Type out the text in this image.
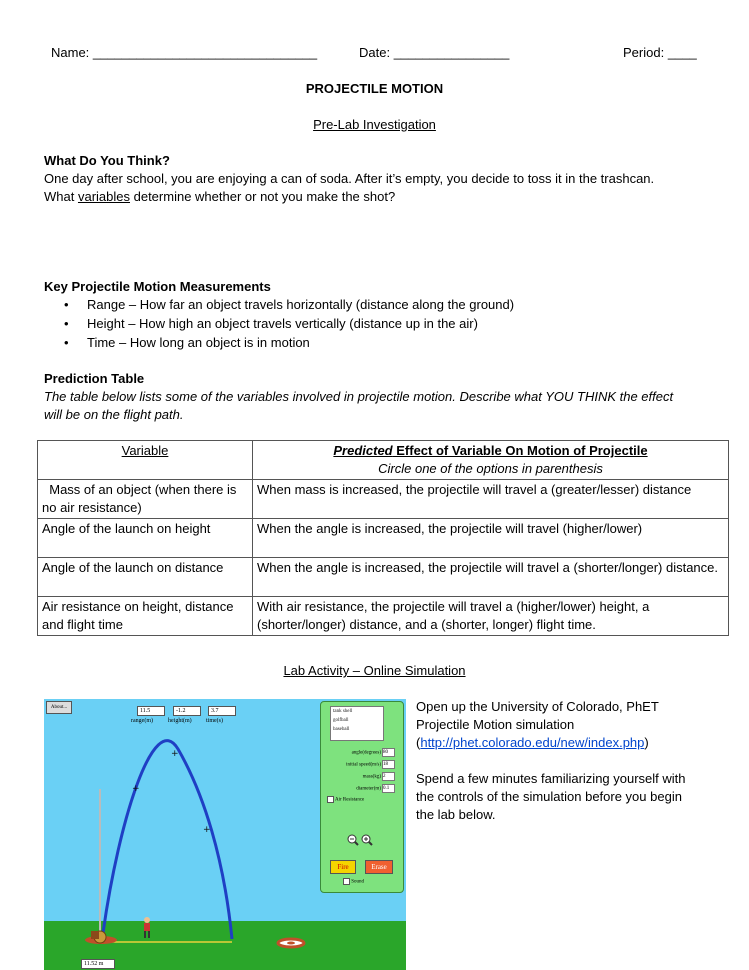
Name: _______________________________	Date: ________________	Period: ____
PROJECTILE MOTION
Pre-Lab Investigation
What Do You Think?
One day after school, you are enjoying a can of soda. After it’s empty, you decide to toss it in the trashcan.
What variables determine whether or not you make the shot?
Key Projectile Motion Measurements
• Range – How far an object travels horizontally (distance along the ground)
• Height – How high an object travels vertically (distance up in the air)
• Time – How long an object is in motion
Prediction Table
The table below lists some of the variables involved in projectile motion. Describe what YOU THINK the effect
will be on the flight path.
Variable	Predicted Effect of Variable On Motion of Projectile
Circle one of the options in parenthesis
Mass of an object (when there is no air resistance)	When mass is increased, the projectile will travel a (greater/lesser) distance
Angle of the launch on height	When the angle is increased, the projectile will travel (higher/lower)
Angle of the launch on distance	When the angle is increased, the projectile will travel a (shorter/longer) distance.
Air resistance on height, distance and flight time	With air resistance, the projectile will travel a (higher/lower) height, a (shorter/longer) distance, and a (shorter, longer) flight time.
Lab Activity – Online Simulation
Open up the University of Colorado, PhET
Projectile Motion simulation
(http://phet.colorado.edu/new/index.php)
Spend a few minutes familiarizing yourself with
the controls of the simulation before you begin
the lab below.
About...
11.5	-1.2	3.7
range(m)	height(m) time(s)
+
+
+
11.52 m
tank shell
golfball
baseball
angle(degrees) 80
initial speed(m/s) 18
mass(kg) 2
diameter(m) 0.1
Air Resistance
Fire	Erase
Sound
